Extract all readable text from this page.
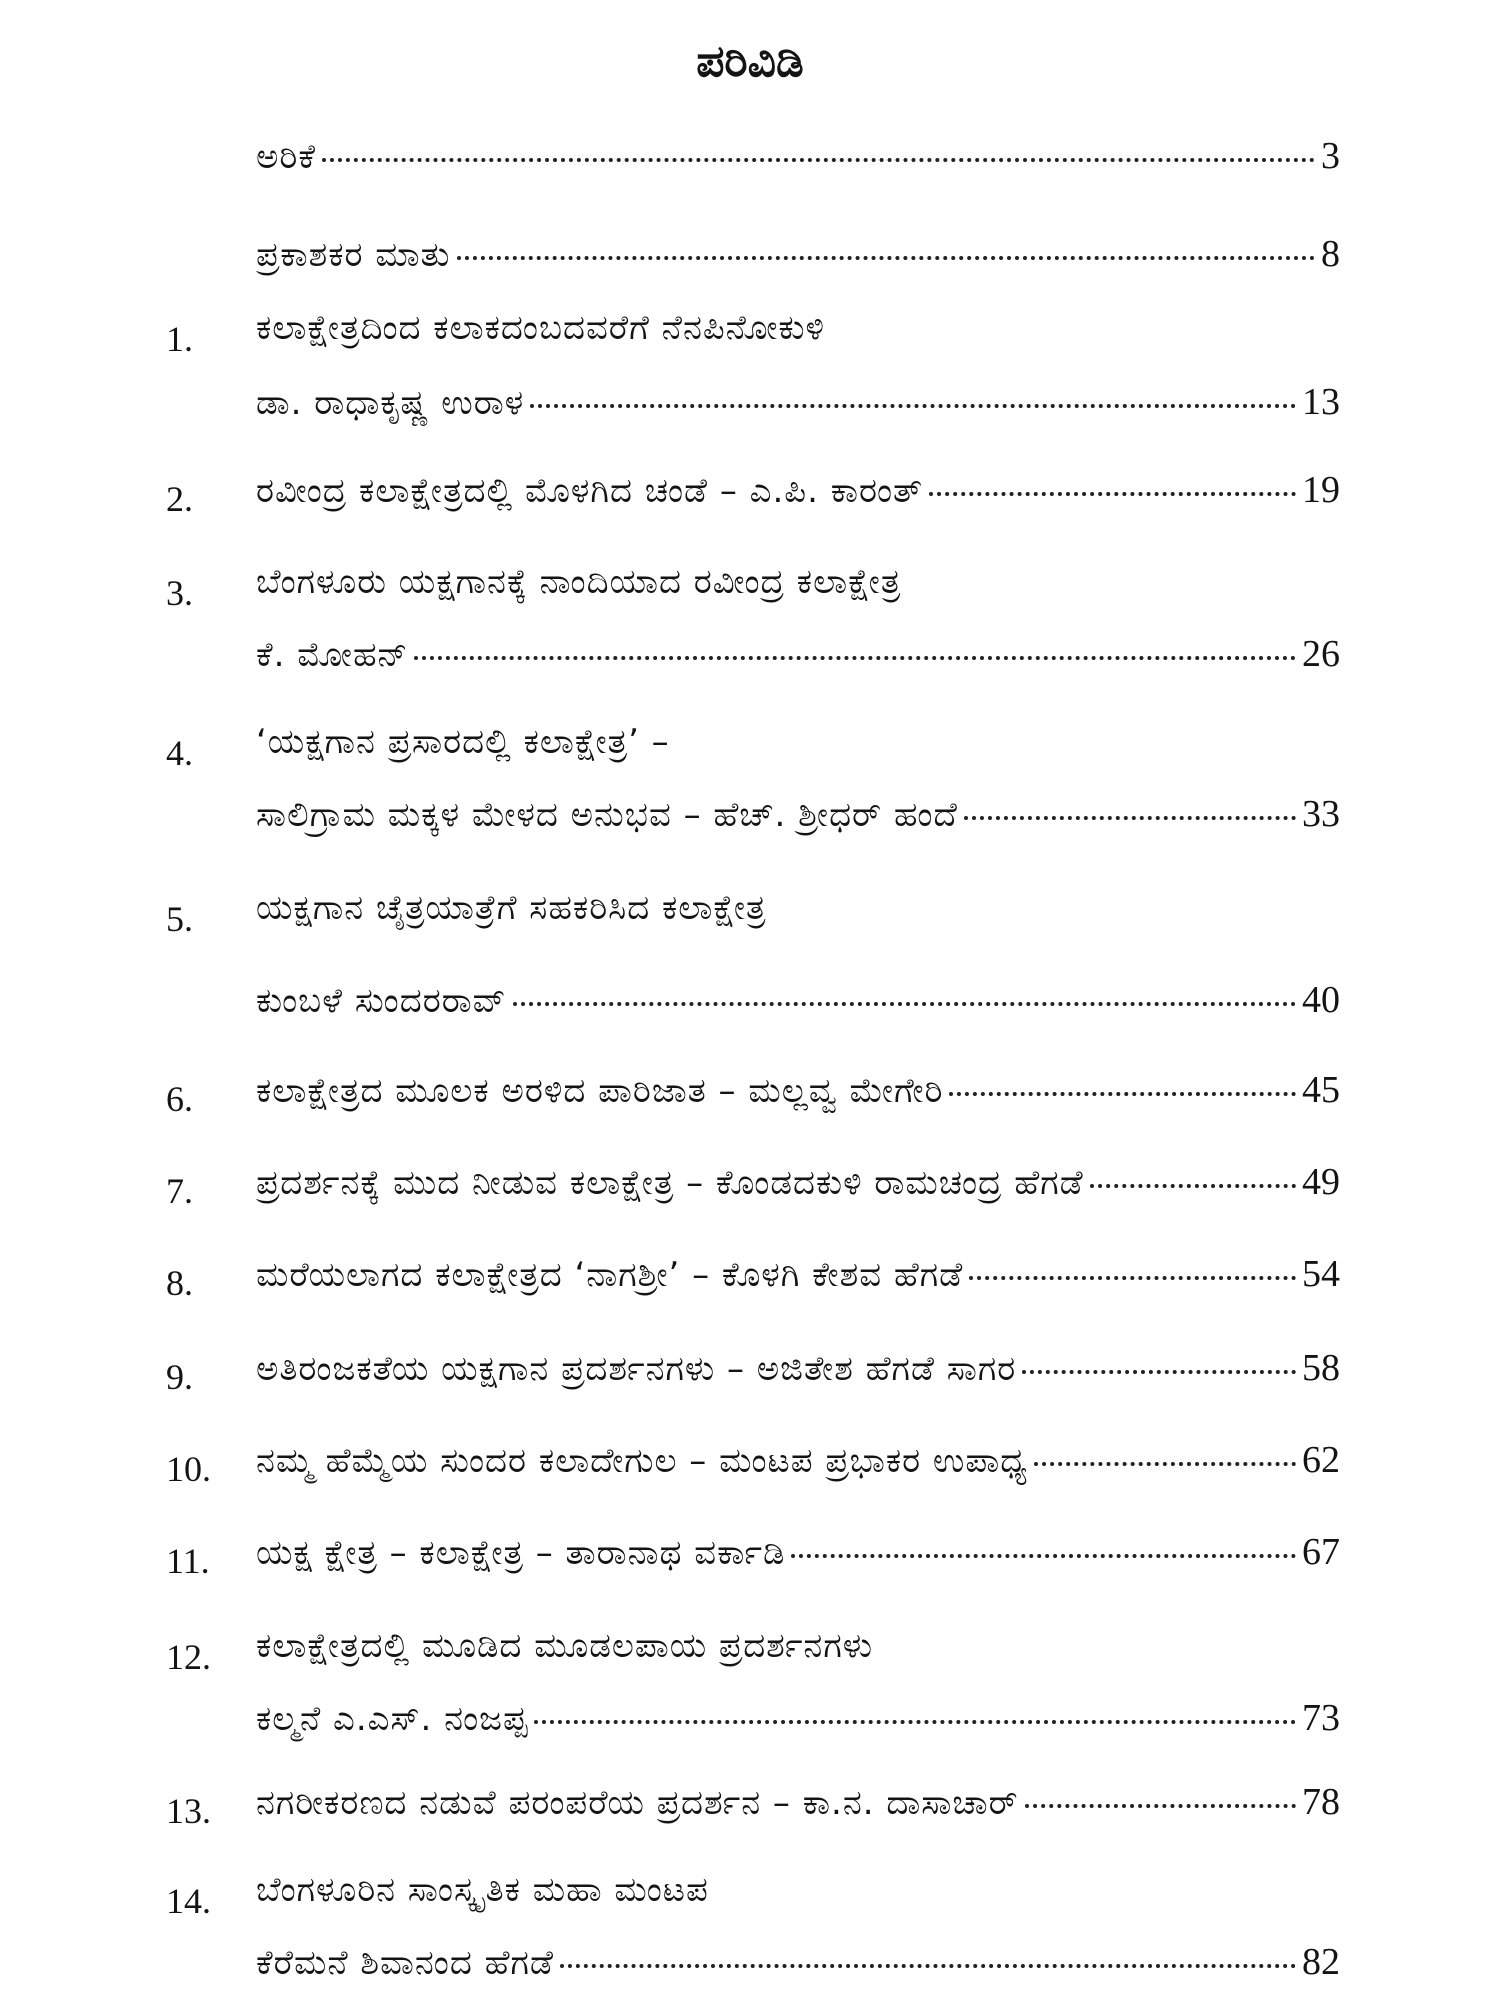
ಪರಿವಿಡಿ
ಅರಿಕೆ	3
ಪ್ರಕಾಶಕರ ಮಾತು	8
1. ಕಲಾಕ್ಷೇತ್ರದಿಂದ ಕಲಾಕದಂಬದವರೆಗೆ ನೆನಪಿನೋಕುಳಿ
ಡಾ. ರಾಧಾಕೃಷ್ಣ ಉರಾಳ	13
2. ರವೀಂದ್ರ ಕಲಾಕ್ಷೇತ್ರದಲ್ಲಿ ಮೊಳಗಿದ ಚಂಡೆ – ಎ.ಪಿ. ಕಾರಂತ್	19
3. ಬೆಂಗಳೂರು ಯಕ್ಷಗಾನಕ್ಕೆ ನಾಂದಿಯಾದ ರವೀಂದ್ರ ಕಲಾಕ್ಷೇತ್ರ
ಕೆ. ಮೋಹನ್	26
4. ‘ಯಕ್ಷಗಾನ ಪ್ರಸಾರದಲ್ಲಿ ಕಲಾಕ್ಷೇತ್ರ’ –
ಸಾಲಿಗ್ರಾಮ ಮಕ್ಕಳ ಮೇಳದ ಅನುಭವ – ಹೆಚ್. ಶ್ರೀಧರ್ ಹಂದೆ	33
5. ಯಕ್ಷಗಾನ ಚೈತ್ರಯಾತ್ರೆಗೆ ಸಹಕರಿಸಿದ ಕಲಾಕ್ಷೇತ್ರ
ಕುಂಬಳೆ ಸುಂದರರಾವ್	40
6. ಕಲಾಕ್ಷೇತ್ರದ ಮೂಲಕ ಅರಳಿದ ಪಾರಿಜಾತ – ಮಲ್ಲವ್ವ ಮೇಗೇರಿ	45
7. ಪ್ರದರ್ಶನಕ್ಕೆ ಮುದ ನೀಡುವ ಕಲಾಕ್ಷೇತ್ರ – ಕೊಂಡದಕುಳಿ ರಾಮಚಂದ್ರ ಹೆಗಡೆ	49
8. ಮರೆಯಲಾಗದ ಕಲಾಕ್ಷೇತ್ರದ ‘ನಾಗಶ್ರೀ’ – ಕೊಳಗಿ ಕೇಶವ ಹೆಗಡೆ	54
9. ಅತಿರಂಜಕತೆಯ ಯಕ್ಷಗಾನ ಪ್ರದರ್ಶನಗಳು – ಅಜಿತೇಶ ಹೆಗಡೆ ಸಾಗರ	58
10. ನಮ್ಮ ಹೆಮ್ಮೆಯ ಸುಂದರ ಕಲಾದೇಗುಲ – ಮಂಟಪ ಪ್ರಭಾಕರ ಉಪಾಧ್ಯ	62
11. ಯಕ್ಷ ಕ್ಷೇತ್ರ – ಕಲಾಕ್ಷೇತ್ರ – ತಾರಾನಾಥ ವರ್ಕಾಡಿ	67
12. ಕಲಾಕ್ಷೇತ್ರದಲ್ಲಿ ಮೂಡಿದ ಮೂಡಲಪಾಯ ಪ್ರದರ್ಶನಗಳು
ಕಲ್ಮನೆ ಎ.ಎಸ್. ನಂಜಪ್ಪ	73
13. ನಗರೀಕರಣದ ನಡುವೆ ಪರಂಪರೆಯ ಪ್ರದರ್ಶನ – ಕಾ.ನ. ದಾಸಾಚಾರ್	78
14. ಬೆಂಗಳೂರಿನ ಸಾಂಸ್ಕೃತಿಕ ಮಹಾ ಮಂಟಪ
ಕೆರೆಮನೆ ಶಿವಾನಂದ ಹೆಗಡೆ	82
